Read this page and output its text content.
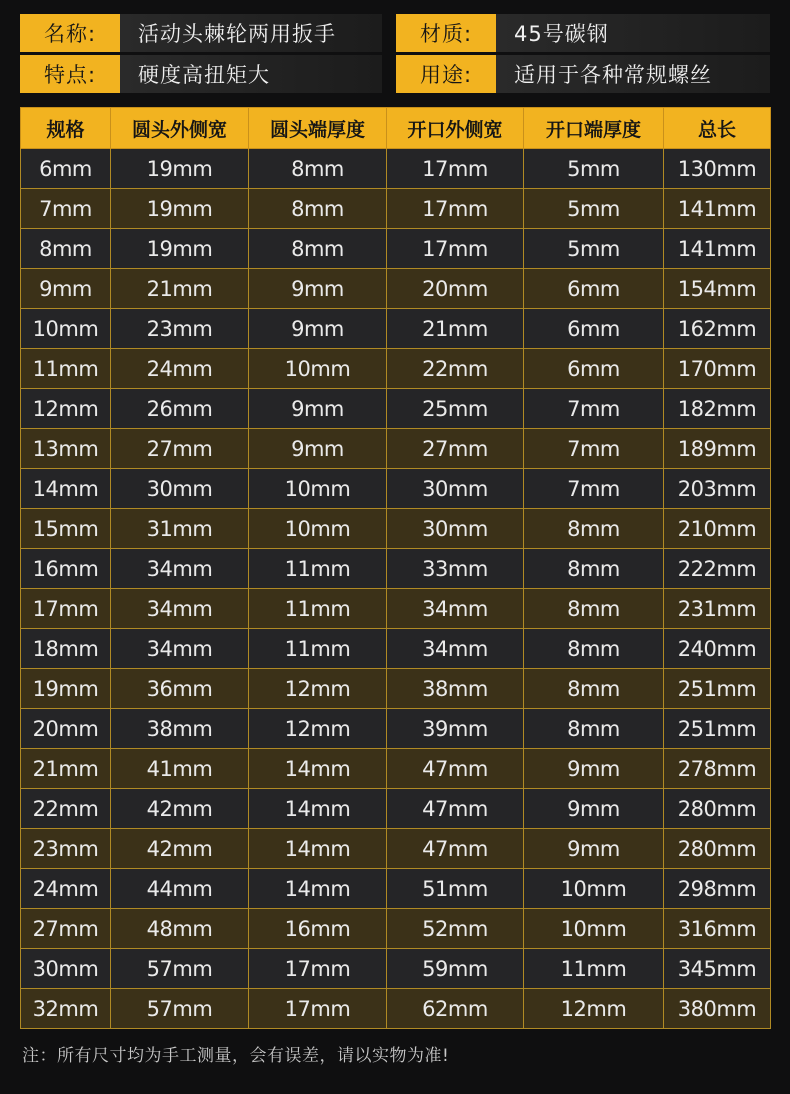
名称:	活动头棘轮两用扳手	材质:	45号碳钢
特点:	硬度高扭矩大	用途:	适用于各种常规螺丝
规格	圆头外侧宽	圆头端厚度	开口外侧宽	开口端厚度	总长
6mm	19mm	8mm	17mm	5mm	130mm
7mm	19mm	8mm	17mm	5mm	141mm
8mm	19mm	8mm	17mm	5mm	141mm
9mm	21mm	9mm	20mm	6mm	154mm
10mm	23mm	9mm	21mm	6mm	162mm
11mm	24mm	10mm	22mm	6mm	170mm
12mm	26mm	9mm	25mm	7mm	182mm
13mm	27mm	9mm	27mm	7mm	189mm
14mm	30mm	10mm	30mm	7mm	203mm
15mm	31mm	10mm	30mm	8mm	210mm
16mm	34mm	11mm	33mm	8mm	222mm
17mm	34mm	11mm	34mm	8mm	231mm
18mm	34mm	11mm	34mm	8mm	240mm
19mm	36mm	12mm	38mm	8mm	251mm
20mm	38mm	12mm	39mm	8mm	251mm
21mm	41mm	14mm	47mm	9mm	278mm
22mm	42mm	14mm	47mm	9mm	280mm
23mm	42mm	14mm	47mm	9mm	280mm
24mm	44mm	14mm	51mm	10mm	298mm
27mm	48mm	16mm	52mm	10mm	316mm
30mm	57mm	17mm	59mm	11mm	345mm
32mm	57mm	17mm	62mm	12mm	380mm
注：所有尺寸均为手工测量，会有误差，请以实物为准!
